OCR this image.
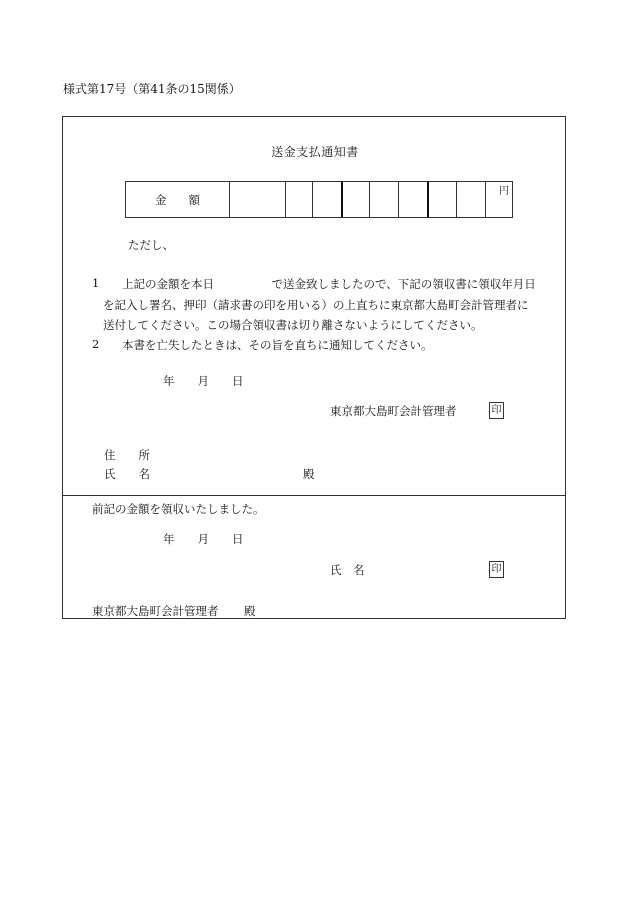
様式第17号（第41条の15関係）
送金支払通知書
金額
円
ただし、
1 上記の金額を本日　　　　　で送金致しましたので、下記の領収書に領収年月日
を記入し署名、押印（請求書の印を用いる）の上直ちに東京都大島町会計管理者に
送付してください。この場合領収書は切り離さないようにしてください。
2 本書を亡失したときは、その旨を直ちに通知してください。
年　　月　　日
東京都大島町会計管理者	印
住　　所
氏　　名	殿
前記の金額を領収いたしました。
年　　月　　日
氏　名	印
東京都大島町会計管理者 殿
